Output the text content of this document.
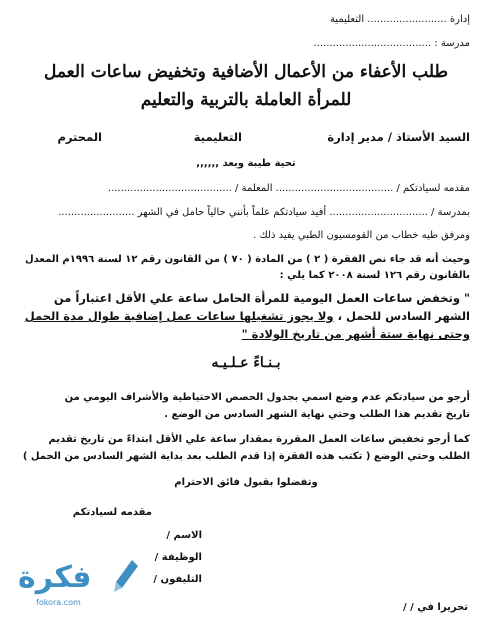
إدارة ......................... التعليمية
مدرسة : .....................................
طلب الأعفاء من الأعمال الأضافية وتخفيض ساعات العمل
للمرأة العاملة بالتربية والتعليم
السيد الأستاذ / مدير إدارة
التعليمية
المحترم
تحية طيبة وبعد ,,,,,,
مقدمه لسيادتكم / ..................................... المعلمة / .......................................
بمدرسة / ............................... أفيد سيادتكم علماً بأنني حالياً حامل في الشهر ........................
ومرفق طيه خطاب من القومسيون الطبي يفيد ذلك .
وحيث أنه قد جاء نص الفقرة ( ٢ ) من المادة ( ٧٠ ) من القانون رقم ١٢ لسنة ١٩٩٦م المعدل
بالقانون رقم ١٢٦ لسنة ٢٠٠٨ كما يلي :
" وتخفض ساعات العمل اليومية للمرأة الحامل ساعة علي الأقل اعتباراً من
الشهر السادس للحمل ، ولا يجوز تشغيلها ساعات عمل إضافية طوال مدة الحمل
وحتى نهاية ستة أشهر من تاريخ الولادة "
بـنـاءً عـلـيـه
أرجو من سيادتكم عدم وضع اسمي بجدول الحصص الاحتياطية والأشراف اليومي من
تاريخ تقديم هذا الطلب وحتي نهاية الشهر السادس من الوضع .
كما أرجو تخفيض ساعات العمل المقررة بمقدار ساعة علي الأقل ابتداءً من تاريخ تقديم
الطلب وحتي الوضع ( تكتب هذه الفقرة إذا قدم الطلب بعد بداية الشهر السادس من الحمل )
وتفضلوا بقبول فائق الاحترام
مقدمه لسيادتكم
الاسم /
الوظيفة /
التليفون /
تحريرا في / /
فكرة
fokora.com
